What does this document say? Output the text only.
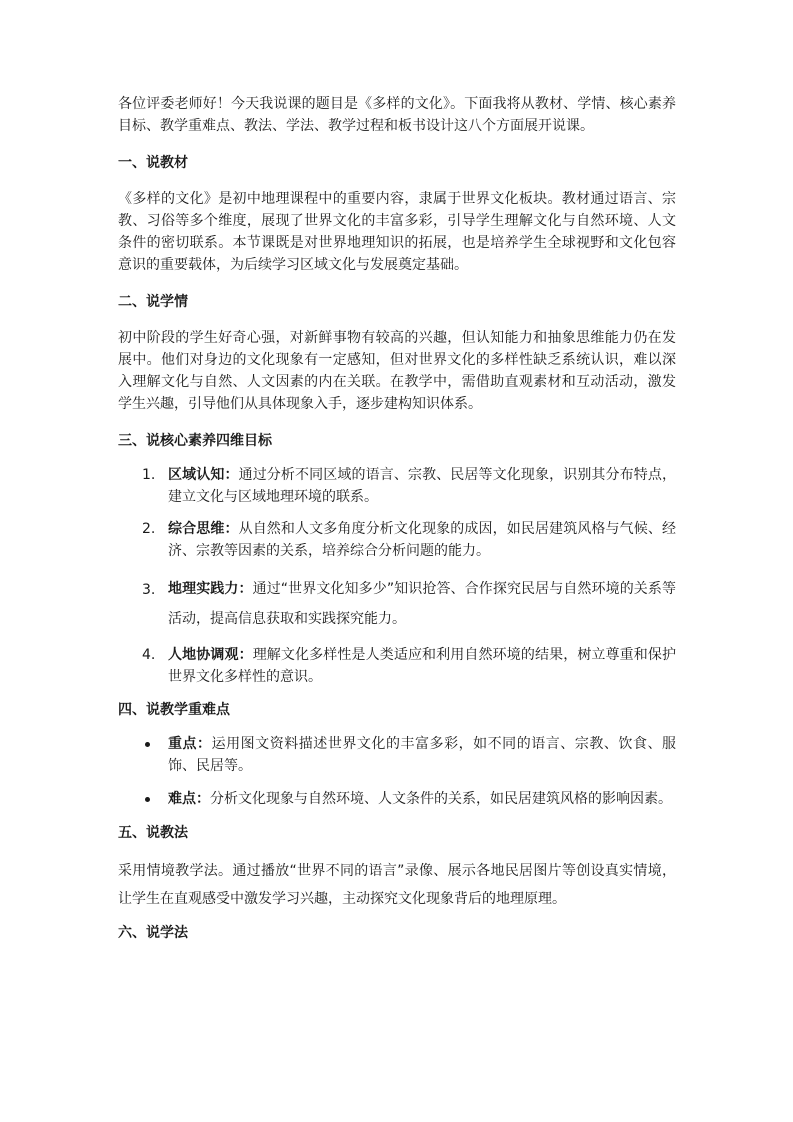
各位评委老师好！今天我说课的题目是《多样的文化》。下面我将从教材、学情、核心素养目标、教学重难点、教法、学法、教学过程和板书设计这八个方面展开说课。

一、说教材

《多样的文化》是初中地理课程中的重要内容，隶属于世界文化板块。教材通过语言、宗教、习俗等多个维度，展现了世界文化的丰富多彩，引导学生理解文化与自然环境、人文条件的密切联系。本节课既是对世界地理知识的拓展，也是培养学生全球视野和文化包容意识的重要载体，为后续学习区域文化与发展奠定基础。

二、说学情

初中阶段的学生好奇心强，对新鲜事物有较高的兴趣，但认知能力和抽象思维能力仍在发展中。他们对身边的文化现象有一定感知，但对世界文化的多样性缺乏系统认识，难以深入理解文化与自然、人文因素的内在关联。在教学中，需借助直观素材和互动活动，激发学生兴趣，引导他们从具体现象入手，逐步建构知识体系。

三、说核心素养四维目标
1. 区域认知：通过分析不同区域的语言、宗教、民居等文化现象，识别其分布特点，建立文化与区域地理环境的联系。
2. 综合思维：从自然和人文多角度分析文化现象的成因，如民居建筑风格与气候、经济、宗教等因素的关系，培养综合分析问题的能力。
3. 地理实践力：通过“世界文化知多少”知识抢答、合作探究民居与自然环境的关系等活动，提高信息获取和实践探究能力。
4. 人地协调观：理解文化多样性是人类适应和利用自然环境的结果，树立尊重和保护世界文化多样性的意识。
四、说教学重难点
重点：运用图文资料描述世界文化的丰富多彩，如不同的语言、宗教、饮食、服饰、民居等。
难点：分析文化现象与自然环境、人文条件的关系，如民居建筑风格的影响因素。
五、说教法

采用情境教学法。通过播放“世界不同的语言”录像、展示各地民居图片等创设真实情境，让学生在直观感受中激发学习兴趣，主动探究文化现象背后的地理原理。

六、说学法
